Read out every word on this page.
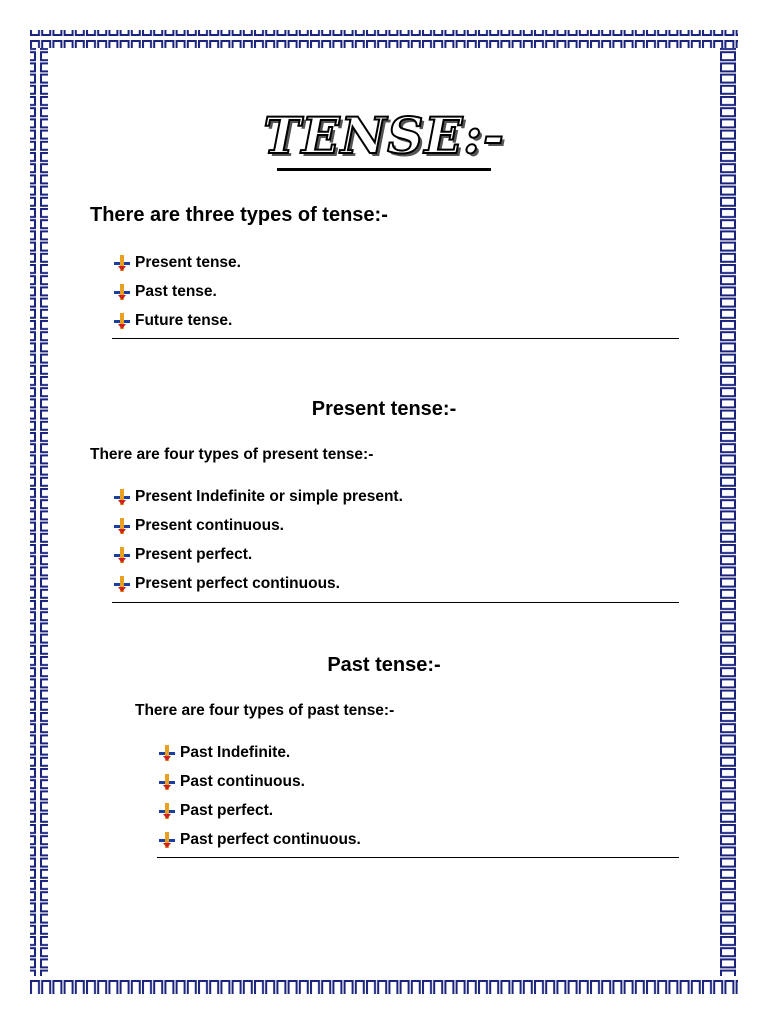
TENSE:-
There are three types of tense:-
Present tense.
Past tense.
Future tense.
Present tense:-
There are four types of present tense:-
Present Indefinite or simple present.
Present continuous.
Present perfect.
Present perfect continuous.
Past tense:-
There are four types of past tense:-
Past Indefinite.
Past continuous.
Past perfect.
Past perfect continuous.
